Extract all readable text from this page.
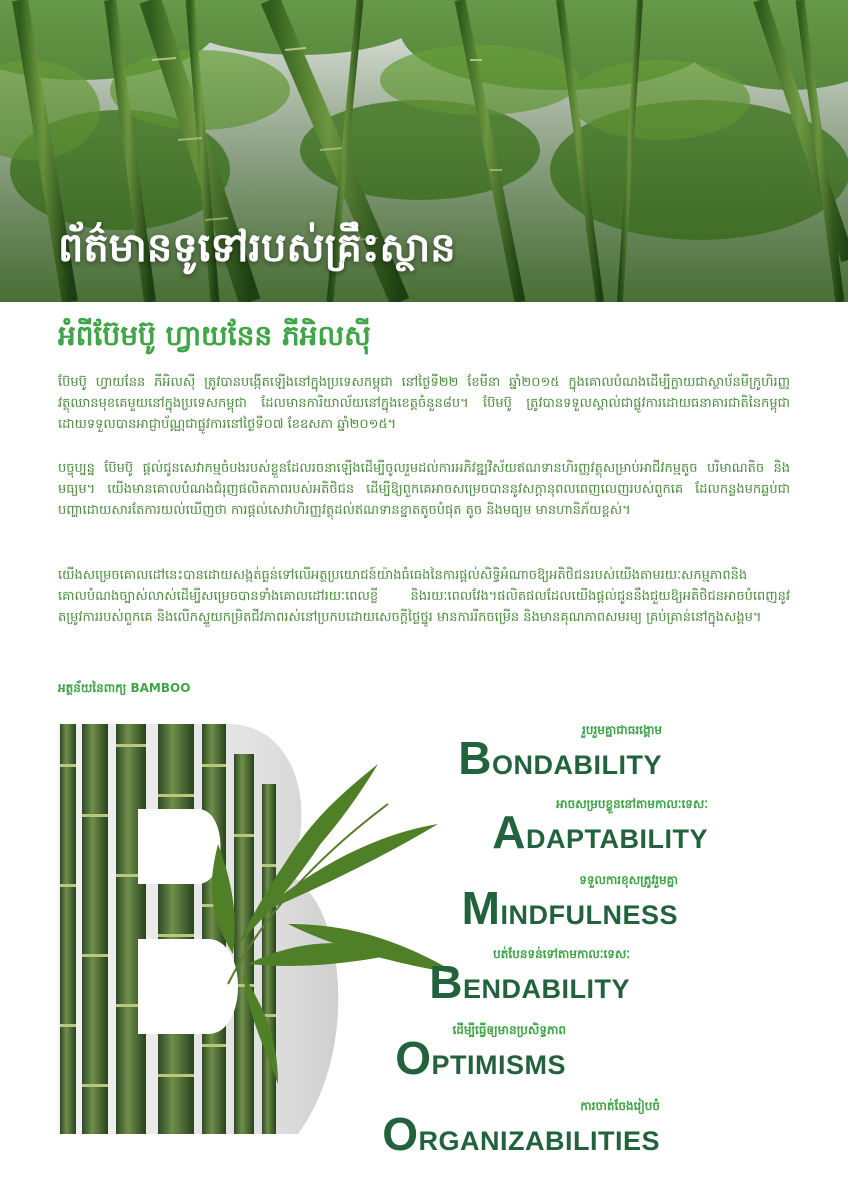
ព័ត៌មានទូទៅរបស់គ្រឹះស្ថាន
អំពីប៊ែមប៊ូ ហ្វាយនែន ភីអិលស៊ី

ប៊ែមប៊ូ ហ្វាយនែន ភីអិលស៊ី ត្រូវបានបង្កើតឡើងនៅក្នុងប្រទេសកម្ពុជា នៅថ្ងៃទី២២ ខែមីនា ឆ្នាំ២០១៥ ក្នុងគោលបំណងដើម្បីក្លាយជាស្ថាប័នមីក្រូហិរញ្ញវត្ថុឈានមុខគេមួយនៅក្នុងប្រទេសកម្ពុជា ដែលមានការិយាល័យនៅក្នុងខេត្តចំនួន៨ប។ ប៊ែមប៊ូ ត្រូវបានទទួលស្គាល់ជាផ្លូវការដោយធនាគារជាតិនៃកម្ពុជា ដោយទទួលបានអាជ្ញាប័ណ្ណជាផ្លូវការនៅថ្ងៃទី០៧ ខែឧសភា ឆ្នាំ២០១៥។

បច្ចុប្បន្ន ប៊ែមប៊ូ ផ្តល់ជូនសេវាកម្មចំបងរបស់ខ្លួនដែលរចនាឡើងដើម្បីចូលរួមដល់ការអភិវឌ្ឍវិស័យឥណទានហិរញ្ញវត្ថុសម្រាប់អាជីវកម្មតូច បរិមាណតិច និងមធ្យម។ យើងមានគោលបំណងជំរុញផលិតភាពរបស់អតិថិជន ដើម្បីឱ្យពួកគេអាចសម្រេចបាននូវសក្តានុពលពេញលេញរបស់ពួកគេ ដែលកន្លងមកឆ្លប់ជាបញ្ហាដោយសារតែការយល់ឃើញថា ការផ្តល់សេវាហិរញ្ញវត្ថុដល់ឥណទានខ្នាតតូចបំផុត តូច និងមធ្យម មានហានិភ័យខ្ពស់។

យើងសម្រេចគោលដៅនេះបានដោយសង្កត់ធ្ងន់ទៅលើអត្ថប្រយោជន៍យ៉ាងធំធេងនៃការផ្តល់សិទ្ធិអំណាចឱ្យអតិថិជនរបស់យើងតាមរយៈសកម្មភាពនិងគោលបំណងច្បាស់លាស់ដើម្បីសម្រេចបានទាំងគោលដៅរយៈពេលខ្លី និងរយៈពេលវែង។ផលិតផលដែលយើងផ្តល់ជូននឹងជួយឱ្យអតិថិជនអាចបំពេញនូវតម្រូវការរបស់ពួកគេ និងលើកស្ទួយកម្រិតជីវភាពរស់នៅប្រកបដោយសេចក្តីថ្លៃថ្នូរ មានការរីកចម្រើន និងមានគុណភាពសមរម្យ គ្រប់គ្រាន់នៅក្នុងសង្គម។

អត្ថន័យនៃពាក្យ BAMBOO
រួបរួមគ្នាជាធរង្គោម
BONDABILITY
អាចសម្របខ្លួននៅតាមកាលៈទេសៈ
ADAPTABILITY
ទទួលការខុសត្រូវរួមគ្នា
MINDFULNESS
បត់បែនទន់ទៅតាមកាលៈទេសៈ
BENDABILITY
ដើម្បីធ្វើឲ្យមានប្រសិទ្ធភាព
OPTIMISMS
ការចាត់ចែងរៀបចំ
ORGANIZABILITIES
